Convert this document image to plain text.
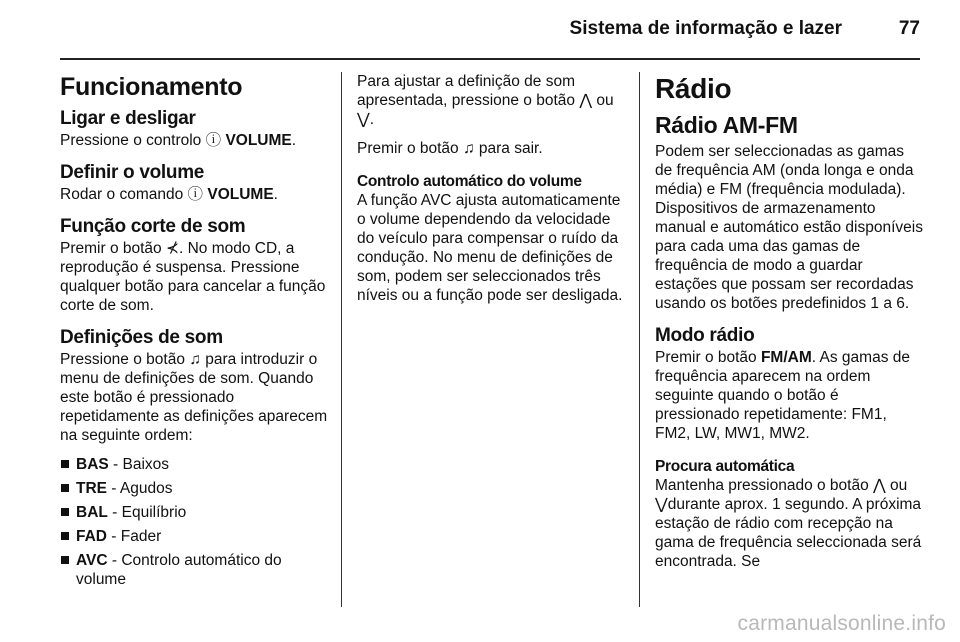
Sistema de informação e lazer	77
Funcionamento
Ligar e desligar

Pressione o controlo ⓘ VOLUME.

Definir o volume

Rodar o comando ⓘ VOLUME.

Função corte de som

Premir o botão ⊀. No modo CD, a reprodução é suspensa. Pressione qualquer botão para cancelar a função corte de som.

Definições de som

Pressione o botão ♫ para introduzir o menu de definições de som. Quando este botão é pressionado repetidamente as definições aparecem na seguinte ordem:

BAS - Baixos
TRE - Agudos
BAL - Equilíbrio
FAD - Fader
AVC - Controlo automático do volume

Para ajustar a definição de som apresentada, pressione o botão ⋀ ou ⋁.

Premir o botão ♫ para sair.

Controlo automático do volume

A função AVC ajusta automaticamente o volume dependendo da velocidade do veículo para compensar o ruído da condução. No menu de definições de som, podem ser seleccionados três níveis ou a função pode ser desligada.

Rádio
Rádio AM-FM

Podem ser seleccionadas as gamas de frequência AM (onda longa e onda média) e FM (frequência modulada). Dispositivos de armazenamento manual e automático estão disponíveis para cada uma das gamas de frequência de modo a guardar estações que possam ser recordadas usando os botões predefinidos 1 a 6.

Modo rádio

Premir o botão FM/AM. As gamas de frequência aparecem na ordem seguinte quando o botão é pressionado repetidamente: FM1, FM2, LW, MW1, MW2.

Procura automática

Mantenha pressionado o botão ⋀ ou ⋁durante aprox. 1 segundo. A próxima estação de rádio com recepção na gama de frequência seleccionada será encontrada. Se

carmanualsonline.info
